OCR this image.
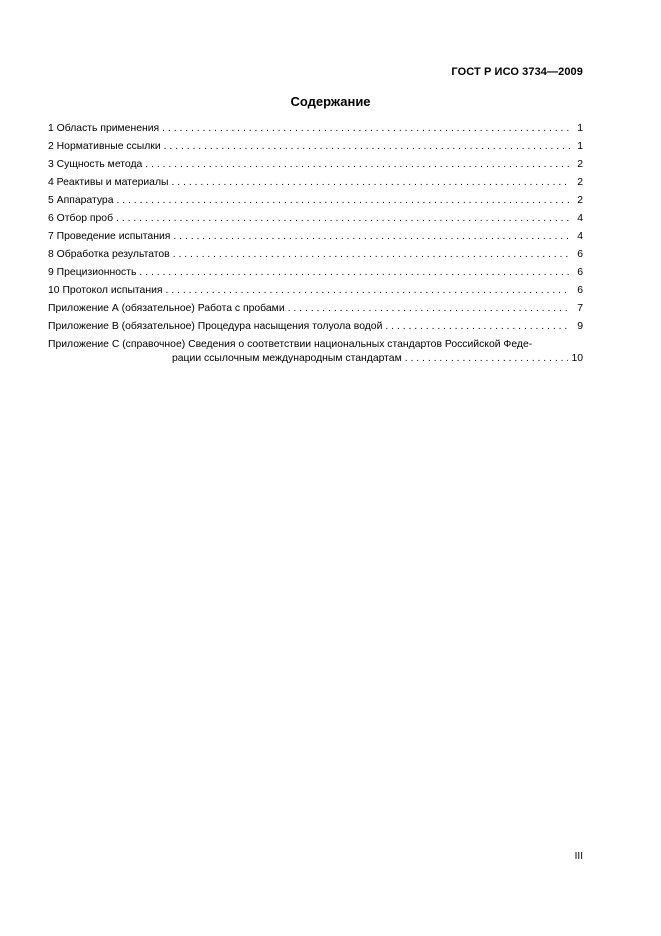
ГОСТ Р ИСО 3734—2009
Содержание
1 Область применения . . .	1
2 Нормативные ссылки . . .	1
3 Сущность метода . . .	2
4 Реактивы и материалы . . .	2
5 Аппаратура . . .	2
6 Отбор проб . . .	4
7 Проведение испытания . . .	4
8 Обработка результатов . . .	6
9 Прецизионность . . .	6
10 Протокол испытания . . .	6
Приложение А (обязательное) Работа с пробами . . .	7
Приложение В (обязательное) Процедура насыщения толуола водой . . .	9
Приложение С (справочное) Сведения о соответствии национальных стандартов Российской Феде-
рации ссылочным международным стандартам . . .	10
III
